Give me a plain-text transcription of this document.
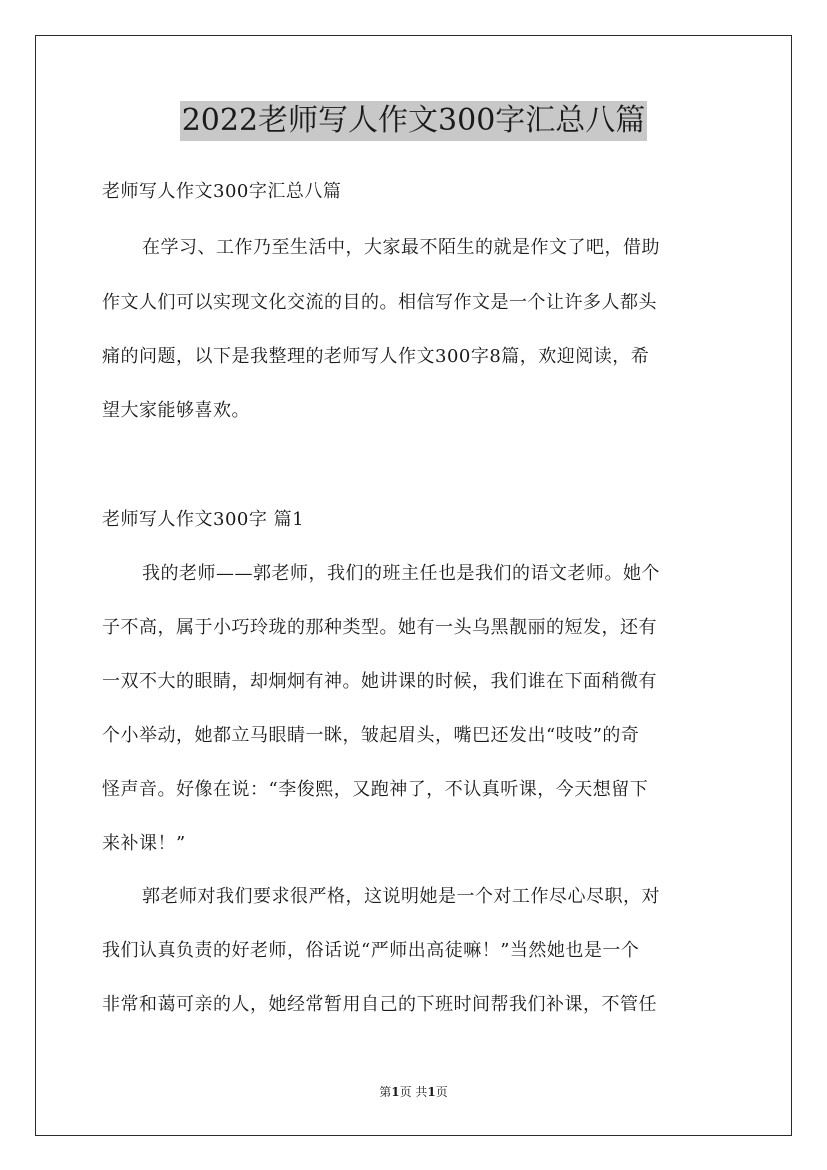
2022老师写人作文300字汇总八篇
老师写人作文300字汇总八篇
在学习、工作乃至生活中，大家最不陌生的就是作文了吧，借助
作文人们可以实现文化交流的目的。相信写作文是一个让许多人都头
痛的问题，以下是我整理的老师写人作文300字8篇，欢迎阅读，希
望大家能够喜欢。
老师写人作文300字 篇1
我的老师——郭老师，我们的班主任也是我们的语文老师。她个
子不高，属于小巧玲珑的那种类型。她有一头乌黑靓丽的短发，还有
一双不大的眼睛，却炯炯有神。她讲课的时候，我们谁在下面稍微有
个小举动，她都立马眼睛一眯，皱起眉头，嘴巴还发出“吱吱”的奇
怪声音。好像在说：“李俊熙，又跑神了，不认真听课，今天想留下
来补课！”
郭老师对我们要求很严格，这说明她是一个对工作尽心尽职，对
我们认真负责的好老师，俗话说“严师出高徒嘛！”当然她也是一个
非常和蔼可亲的人，她经常暂用自己的下班时间帮我们补课，不管任
第1页 共1页
